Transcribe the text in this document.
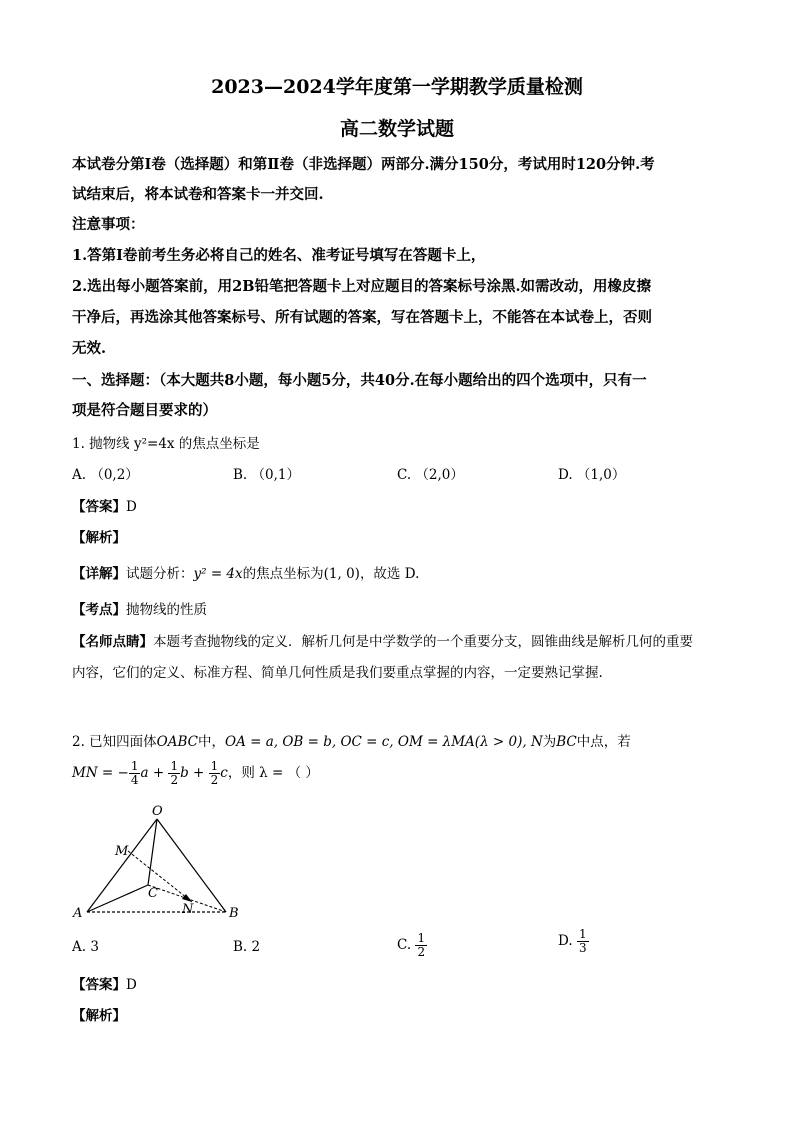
2023—2024学年度第一学期教学质量检测
高二数学试题
本试卷分第Ⅰ卷（选择题）和第Ⅱ卷（非选择题）两部分.满分150分，考试用时120分钟.考
试结束后，将本试卷和答案卡一并交回.
注意事项：
1.答第Ⅰ卷前考生务必将自己的姓名、准考证号填写在答题卡上，
2.选出每小题答案前，用2B铅笔把答题卡上对应题目的答案标号涂黑.如需改动，用橡皮擦
干净后，再选涂其他答案标号、所有试题的答案，写在答题卡上，不能答在本试卷上，否则
无效.
一、选择题：（本大题共8小题，每小题5分，共40分.在每小题给出的四个选项中，只有一
项是符合题目要求的）
1. 抛物线 y²=4x 的焦点坐标是
A. （0,2）	B. （0,1）	C. （2,0）	D. （1,0）
【答案】D
【解析】
【详解】试题分析：y² = 4x的焦点坐标为(1, 0)，故选 D.
【考点】抛物线的性质
【名师点睛】本题考查抛物线的定义．解析几何是中学数学的一个重要分支，圆锥曲线是解析几何的重要
内容，它们的定义、标准方程、简单几何性质是我们要重点掌握的内容，一定要熟记掌握.
2. 已知四面体OABC中，OA = a, OB = b, OC = c, OM = λMA(λ > 0), N为BC中点，若
MN = − $\frac{1}{4}$ $a + \frac{1}{2}$ $b + \frac{1}{2}$ c，则 λ = （ ）
O
M
C
N
A	B
A. 3	B. 2	C. $\frac{1}{2}$	D. $\frac{1}{3}$
【答案】D
【解析】
